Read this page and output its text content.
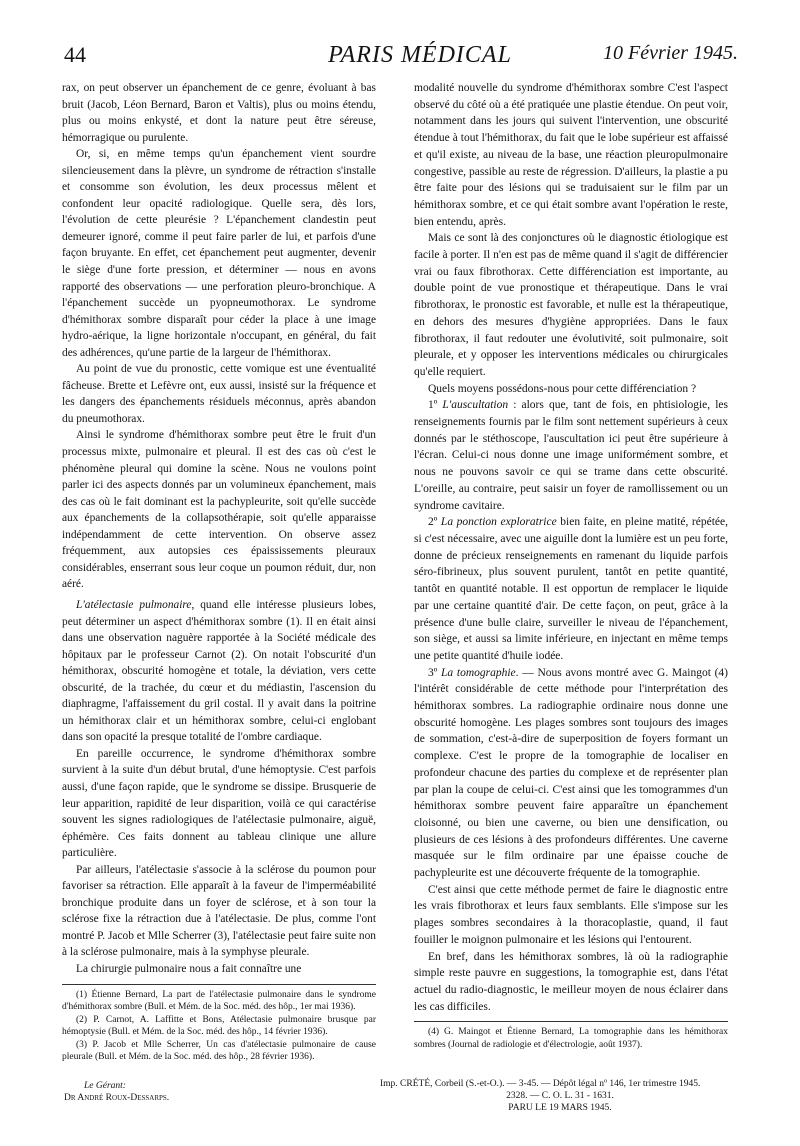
44	PARIS MÉDICAL	10 Février 1945.

rax, on peut observer un épanchement de ce genre, évoluant à bas bruit (Jacob, Léon Bernard, Baron et Valtis), plus ou moins étendu, plus ou moins enkysté, et dont la nature peut être séreuse, hémorragique ou purulente.

Or, si, en même temps qu'un épanchement vient sourdre silencieusement dans la plèvre, un syndrome de rétraction s'installe et consomme son évolution, les deux processus mêlent et confondent leur opacité radiologique. Quelle sera, dès lors, l'évolution de cette pleurésie ? L'épanchement clandestin peut demeurer ignoré, comme il peut faire parler de lui, et parfois d'une façon bruyante. En effet, cet épanchement peut augmenter, devenir le siège d'une forte pression, et déterminer — nous en avons rapporté des observations — une perforation pleuro-bronchique. A l'épanchement succède un pyopneumothorax. Le syndrome d'hémithorax sombre disparaît pour céder la place à une image hydro-aérique, la ligne horizontale n'occupant, en général, du fait des adhérences, qu'une partie de la largeur de l'hémithorax.

Au point de vue du pronostic, cette vomique est une éventualité fâcheuse. Brette et Lefèvre ont, eux aussi, insisté sur la fréquence et les dangers des épanchements résiduels méconnus, après abandon du pneumothorax.

Ainsi le syndrome d'hémithorax sombre peut être le fruit d'un processus mixte, pulmonaire et pleural. Il est des cas où c'est le phénomène pleural qui domine la scène. Nous ne voulons point parler ici des aspects donnés par un volumineux épanchement, mais des cas où le fait dominant est la pachypleurite, soit qu'elle succède aux épanchements de la collapsothérapie, soit qu'elle apparaisse indépendamment de cette intervention. On observe assez fréquemment, aux autopsies ces épaississements pleuraux considérables, enserrant sous leur coque un poumon réduit, dur, non aéré.

L'atélectasie pulmonaire, quand elle intéresse plusieurs lobes, peut déterminer un aspect d'hémithorax sombre (1). Il en était ainsi dans une observation naguère rapportée à la Société médicale des hôpitaux par le professeur Carnot (2). On notait l'obscurité d'un hémithorax, obscurité homogène et totale, la déviation, vers cette obscurité, de la trachée, du cœur et du médiastin, l'ascension du diaphragme, l'affaissement du gril costal. Il y avait dans la poitrine un hémithorax clair et un hémithorax sombre, celui-ci englobant dans son opacité la presque totalité de l'ombre cardiaque.

En pareille occurrence, le syndrome d'hémithorax sombre survient à la suite d'un début brutal, d'une hémoptysie. C'est parfois aussi, d'une façon rapide, que le syndrome se dissipe. Brusquerie de leur apparition, rapidité de leur disparition, voilà ce qui caractérise souvent les signes radiologiques de l'atélectasie pulmonaire, aiguë, éphémère. Ces faits donnent au tableau clinique une allure particulière.

Par ailleurs, l'atélectasie s'associe à la sclérose du poumon pour favoriser sa rétraction. Elle apparaît à la faveur de l'imperméabilité bronchique produite dans un foyer de sclérose, et à son tour la sclérose fixe la rétraction due à l'atélectasie. De plus, comme l'ont montré P. Jacob et Mlle Scherrer (3), l'atélectasie peut faire suite non à la sclérose pulmonaire, mais à la symphyse pleurale.

La chirurgie pulmonaire nous a fait connaître une

(1) Étienne Bernard, La part de l'atélectasie pulmonaire dans le syndrome d'hémithorax sombre (Bull. et Mém. de la Soc. méd. des hôp., 1er mai 1936).

(2) P. Carnot, A. Laffitte et Bons, Atélectasie pulmonaire brusque par hémoptysie (Bull. et Mém. de la Soc. méd. des hôp., 14 février 1936).

(3) P. Jacob et Mlle Scherrer, Un cas d'atélectasie pulmonaire de cause pleurale (Bull. et Mém. de la Soc. méd. des hôp., 28 février 1936).

modalité nouvelle du syndrome d'hémithorax sombre C'est l'aspect observé du côté où a été pratiquée une plastie étendue. On peut voir, notamment dans les jours qui suivent l'intervention, une obscurité étendue à tout l'hémithorax, du fait que le lobe supérieur est affaissé et qu'il existe, au niveau de la base, une réaction pleuropulmonaire congestive, passible au reste de régression. D'ailleurs, la plastie a pu être faite pour des lésions qui se traduisaient sur le film par un hémithorax sombre, et ce qui était sombre avant l'opération le reste, bien entendu, après.

Mais ce sont là des conjonctures où le diagnostic étiologique est facile à porter. Il n'en est pas de même quand il s'agit de différencier vrai ou faux fibrothorax. Cette différenciation est importante, au double point de vue pronostique et thérapeutique. Dans le vrai fibrothorax, le pronostic est favorable, et nulle est la thérapeutique, en dehors des mesures d'hygiène appropriées. Dans le faux fibrothorax, il faut redouter une évolutivité, soit pulmonaire, soit pleurale, et y opposer les interventions médicales ou chirurgicales qu'elle requiert.

Quels moyens possédons-nous pour cette différenciation ?

1º L'auscultation : alors que, tant de fois, en phtisiologie, les renseignements fournis par le film sont nettement supérieurs à ceux donnés par le stéthoscope, l'auscultation ici peut être supérieure à l'écran. Celui-ci nous donne une image uniformément sombre, et nous ne pouvons savoir ce qui se trame dans cette obscurité. L'oreille, au contraire, peut saisir un foyer de ramollissement ou un syndrome cavitaire.

2º La ponction exploratrice bien faite, en pleine matité, répétée, si c'est nécessaire, avec une aiguille dont la lumière est un peu forte, donne de précieux renseignements en ramenant du liquide parfois séro-fibrineux, plus souvent purulent, tantôt en petite quantité, tantôt en quantité notable. Il est opportun de remplacer le liquide par une certaine quantité d'air. De cette façon, on peut, grâce à la présence d'une bulle claire, surveiller le niveau de l'épanchement, son siège, et aussi sa limite inférieure, en injectant en même temps une petite quantité d'huile iodée.

3º La tomographie. — Nous avons montré avec G. Maingot (4) l'intérêt considérable de cette méthode pour l'interprétation des hémithorax sombres. La radiographie ordinaire nous donne une obscurité homogène. Les plages sombres sont toujours des images de sommation, c'est-à-dire de superposition de foyers formant un complexe. C'est le propre de la tomographie de localiser en profondeur chacune des parties du complexe et de représenter plan par plan la coupe de celui-ci. C'est ainsi que les tomogrammes d'un hémithorax sombre peuvent faire apparaître un épanchement cloisonné, ou bien une caverne, ou bien une densification, ou plusieurs de ces lésions à des profondeurs différentes. Une caverne masquée sur le film ordinaire par une épaisse couche de pachypleurite est une découverte fréquente de la tomographie.

C'est ainsi que cette méthode permet de faire le diagnostic entre les vrais fibrothorax et leurs faux semblants. Elle s'impose sur les plages sombres secondaires à la thoracoplastie, quand, il faut fouiller le moignon pulmonaire et les lésions qui l'entourent.

En bref, dans les hémithorax sombres, là où la radiographie simple reste pauvre en suggestions, la tomographie est, dans l'état actuel du radio-diagnostic, le meilleur moyen de nous éclairer dans les cas difficiles.

(4) G. Maingot et Étienne Bernard, La tomographie dans les hémithorax sombres (Journal de radiologie et d'électrologie, août 1937).

Le Gérant:
Dr André Roux-Dessarps.
Imp. CRÉTÉ, Corbeil (S.-et-O.). — 3-45. — Dépôt légal nº 146, 1er trimestre 1945.
2328. — C. O. L. 31 - 1631.
PARU LE 19 MARS 1945.
